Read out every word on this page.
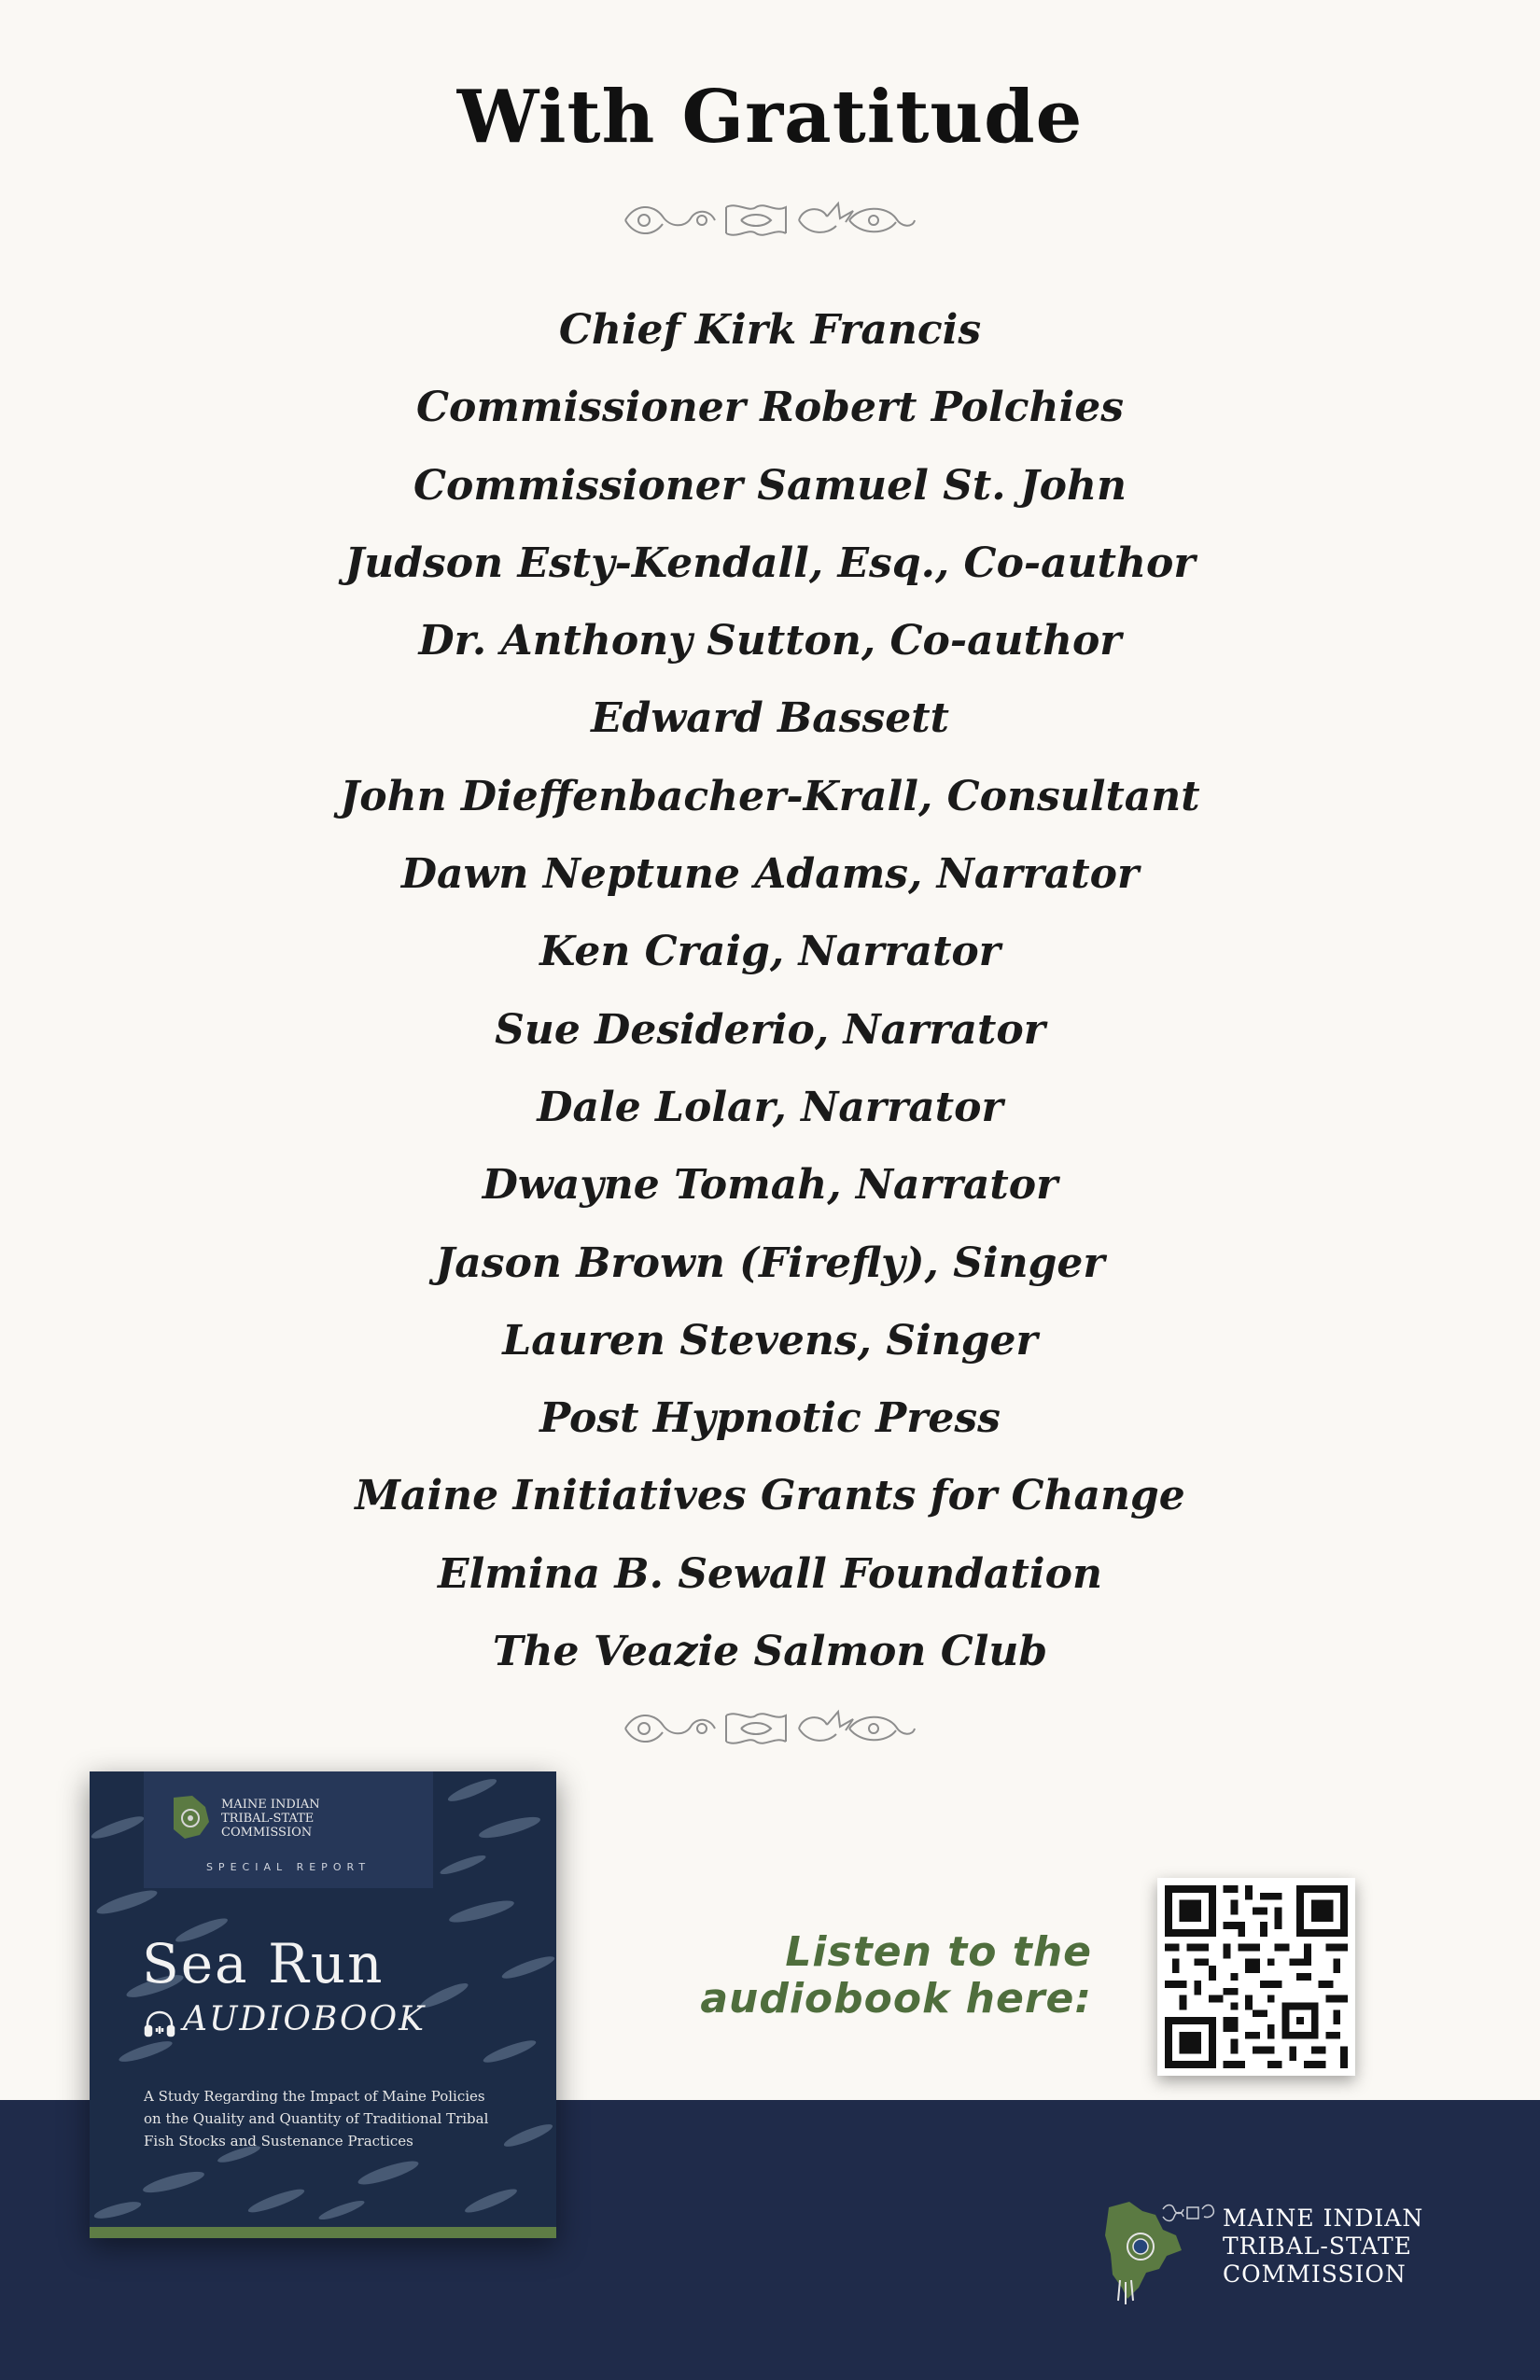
With Gratitude
Chief Kirk Francis
Commissioner Robert Polchies
Commissioner Samuel St. John
Judson Esty-Kendall, Esq., Co-author
Dr. Anthony Sutton, Co-author
Edward Bassett
John Dieffenbacher-Krall, Consultant
Dawn Neptune Adams, Narrator
Ken Craig, Narrator
Sue Desiderio, Narrator
Dale Lolar, Narrator
Dwayne Tomah, Narrator
Jason Brown (Firefly), Singer
Lauren Stevens, Singer
Post Hypnotic Press
Maine Initiatives Grants for Change
Elmina B. Sewall Foundation
The Veazie Salmon Club
MAINE INDIAN
TRIBAL-STATE
COMMISSION
SPECIAL REPORT
Sea Run
AUDIOBOOK
A Study Regarding the Impact of Maine Policies
on the Quality and Quantity of Traditional Tribal
Fish Stocks and Sustenance Practices
Listen to the
audiobook here:
MAINE INDIAN
TRIBAL-STATE
COMMISSION
